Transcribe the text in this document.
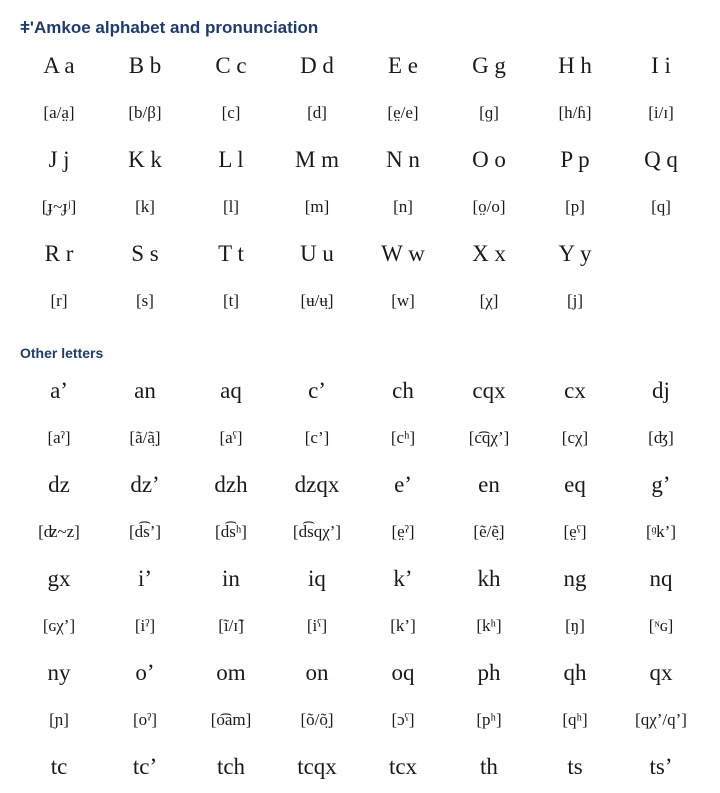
ǂ'Amkoe alphabet and pronunciation
A a	B b	C c	D d	E e	G g	H h	I i
[a/a̤]	[b/β]	[c]	[d]	[e̤/e]	[ɡ]	[h/ɦ]	[i/ɪ]
J j	K k	L l	M m	N n	O o	P p	Q q
[ɟ~ɟʲ]	[k]	[l]	[m]	[n]	[o̤/o]	[p]	[q]
R r	S s	T t	U u	W w	X x	Y y
[r]	[s]	[t]	[ʉ/ʉ̤]	[w]	[χ]	[j]
Other letters
a’	an	aq	c’	ch	cqx	cx	dj
[aˀ]	[ã/ã̤]	[aˤ]	[c’]	[cʰ]	[c͡qχ’]	[cχ]	[ʤ]
dz	dz’	dzh	dzqx	e’	en	eq	g’
[ʣ~z]	[d͡s’]	[d͡sʰ]	[d͡sqχ’]	[e̤ˀ]	[ẽ/ẽ̤]	[e̤ˤ]	[ᶢk’]
gx	i’	in	iq	k’	kh	ng	nq
[ɢχ’]	[iˀ]	[ĩ/ɪ̃]	[iˤ]	[k’]	[kʰ]	[ŋ]	[ᶰɢ]
ny	o’	om	on	oq	ph	qh	qx
[ɲ]	[oˀ]	[o͡am]	[õ/õ̤]	[ɔˤ]	[pʰ]	[qʰ]	[qχ’/q’]
tc	tc’	tch	tcqx	tcx	th	ts	ts’
